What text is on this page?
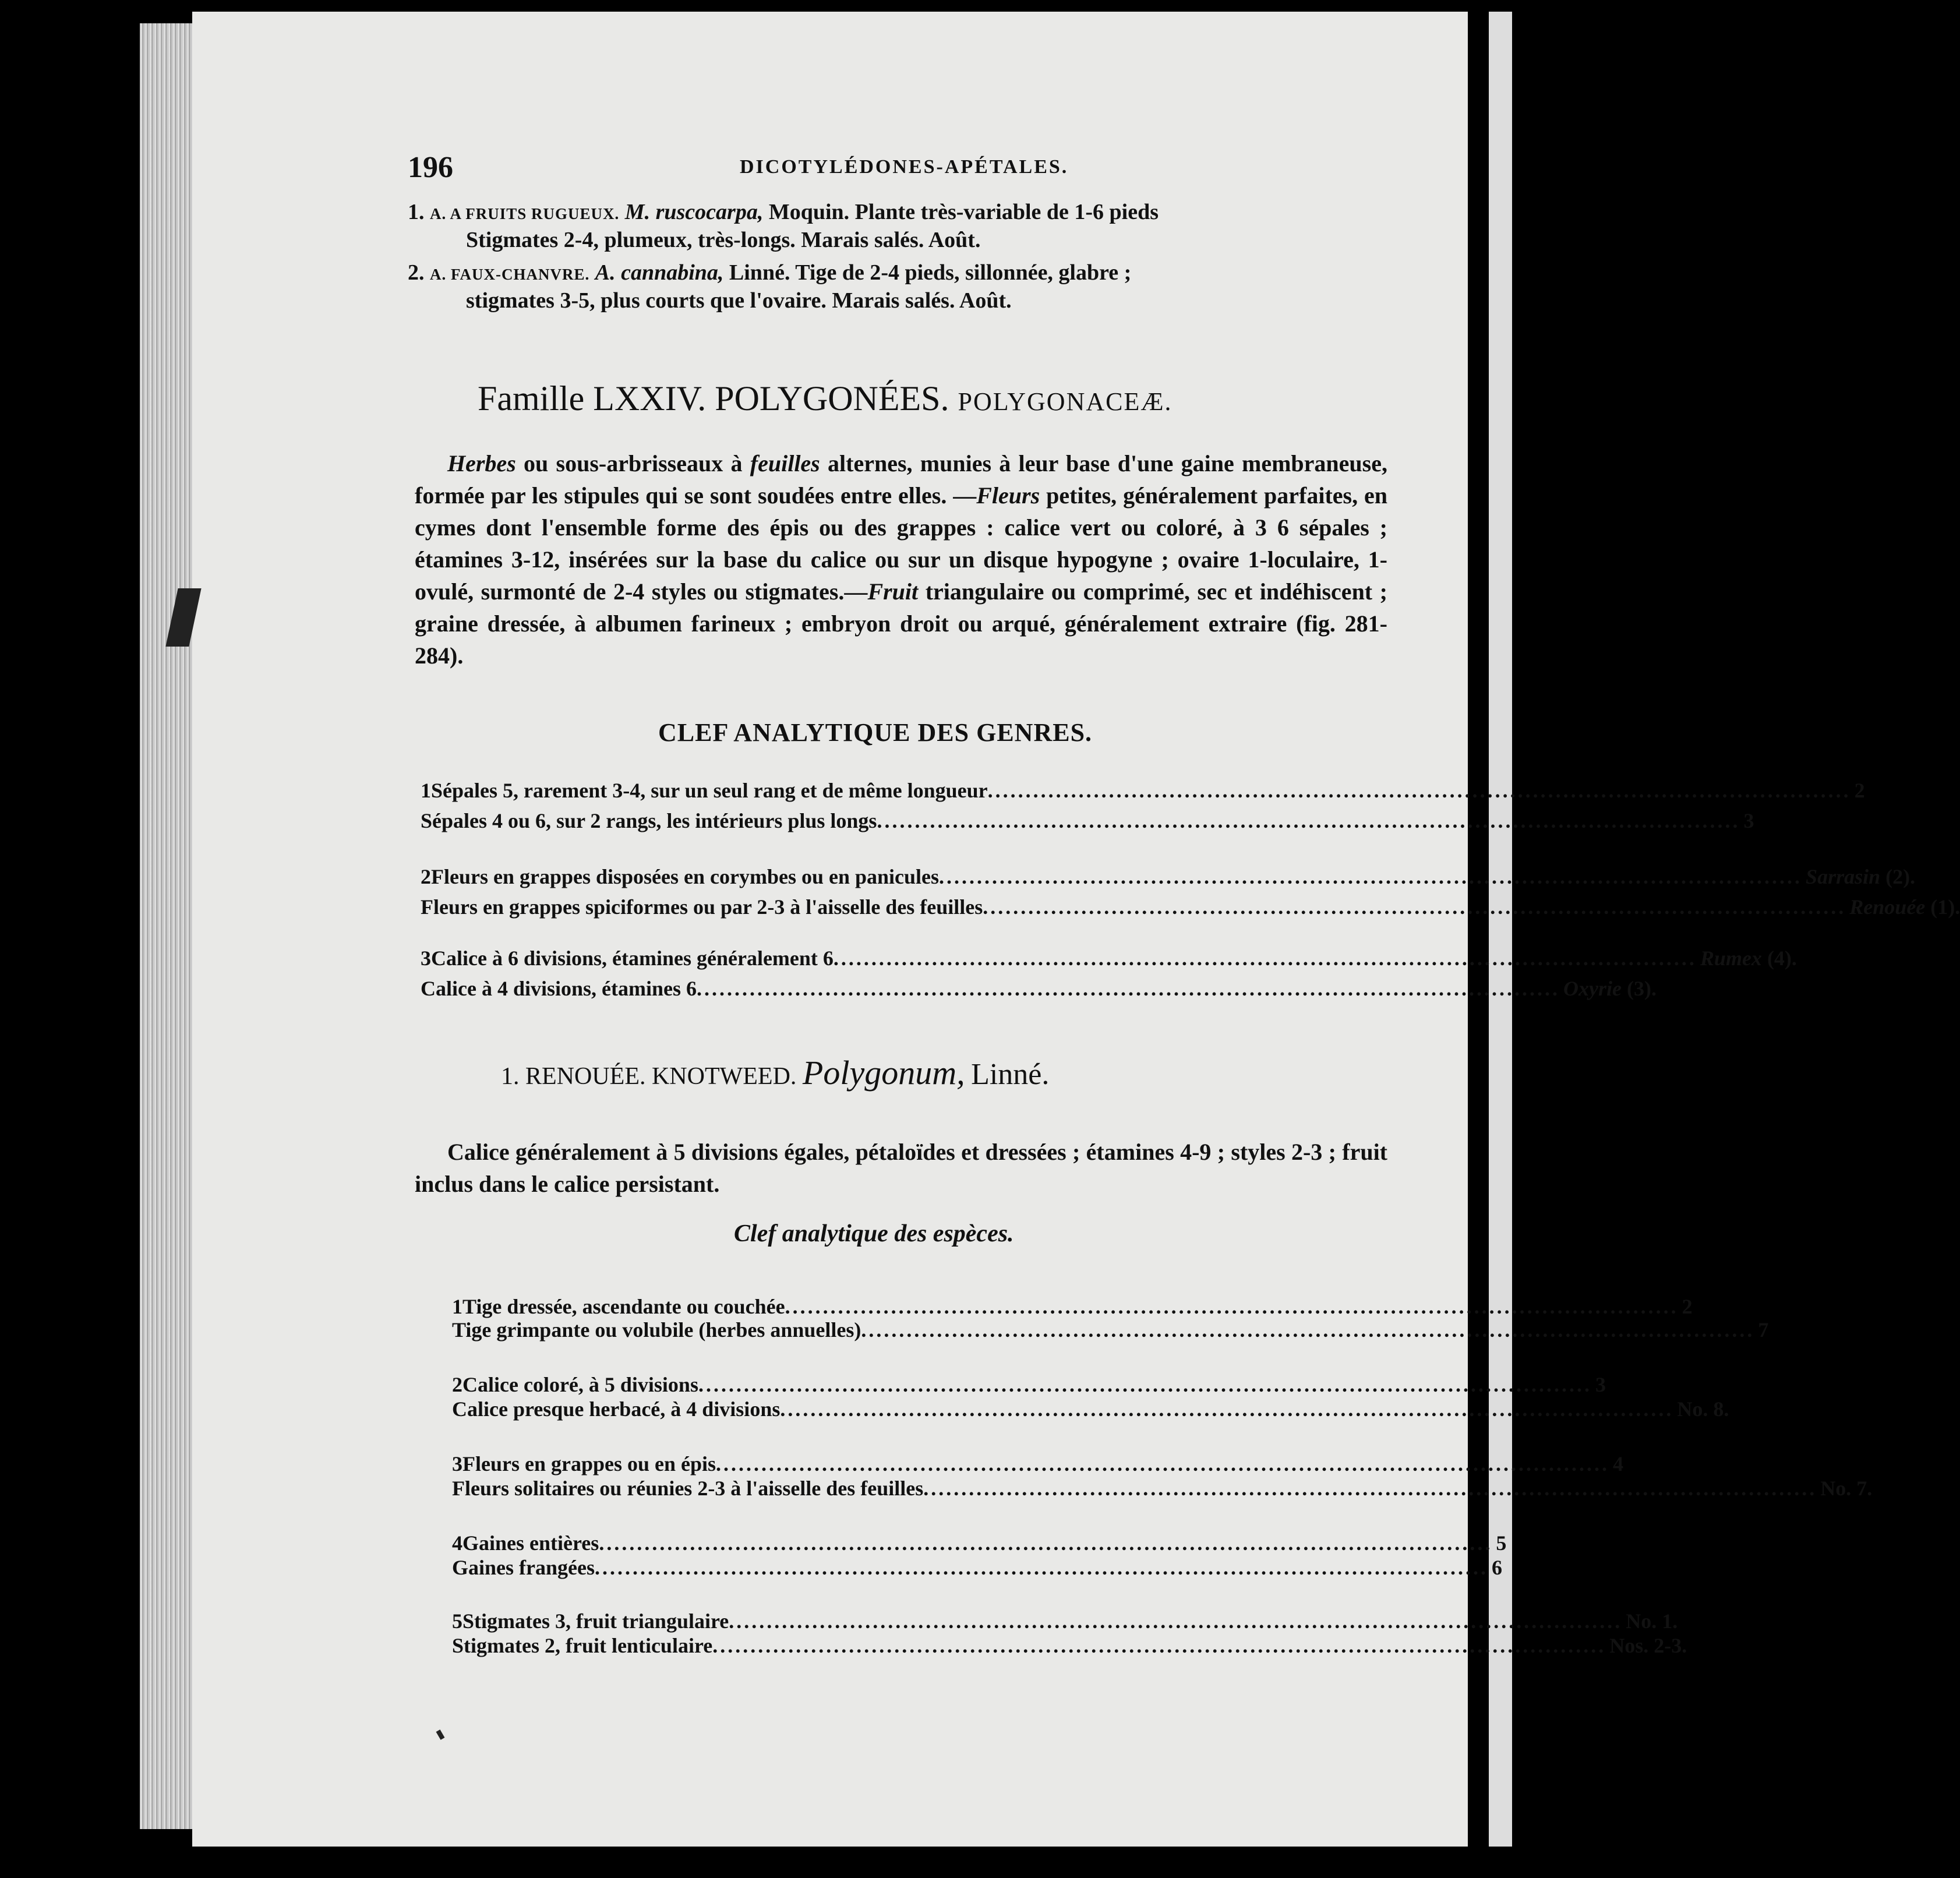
196	DICOTYLÉDONES-APÉTALES.
1. A. A FRUITS RUGUEUX. M. ruscocarpa, Moquin. Plante très-variable de 1-6 pieds
Stigmates 2-4, plumeux, très-longs. Marais salés. Août.
2. A. FAUX-CHANVRE. A. cannabina, Linné. Tige de 2-4 pieds, sillonnée, glabre ;
stigmates 3-5, plus courts que l'ovaire. Marais salés. Août.
Famille LXXIV. POLYGONÉES. POLYGONACEÆ.
Herbes ou sous-arbrisseaux à feuilles alternes, munies à leur base d'une gaine membraneuse, formée par les stipules qui se sont soudées entre elles. —Fleurs petites, généralement parfaites, en cymes dont l'ensemble forme des épis ou des grappes : calice vert ou coloré, à 3 6 sépales ; étamines 3-12, insérées sur la base du calice ou sur un disque hypogyne ; ovaire 1-loculaire, 1-ovulé, surmonté de 2-4 styles ou stigmates.—Fruit triangulaire ou comprimé, sec et indéhiscent ; graine dressée, à albumen farineux ; embryon droit ou arqué, généralement extraire (fig. 281-284).
CLEF ANALYTIQUE DES GENRES.
1 Sépales 5, rarement 3-4, sur un seul rang et de même longueur .................................................................................................................. 2
Sépales 4 ou 6, sur 2 rangs, les intérieurs plus longs .................................................................................................................. 3
2 Fleurs en grappes disposées en corymbes ou en panicules .................................................................................................................. Sarrasin (2).
Fleurs en grappes spiciformes ou par 2-3 à l'aisselle des feuilles .................................................................................................................. Renouée (1).
3 Calice à 6 divisions, étamines généralement 6 .................................................................................................................. Rumex (4).
Calice à 4 divisions, étamines 6 .................................................................................................................. Oxyrie (3).
1. RENOUÉE. KNOTWEED. Polygonum, Linné.
Calice généralement à 5 divisions égales, pétaloïdes et dressées ; étamines 4-9 ; styles 2-3 ; fruit inclus dans le calice persistant.
Clef analytique des espèces.
1 Tige dressée, ascendante ou couchée ...................................................................................................................... 2
Tige grimpante ou volubile (herbes annuelles) ...................................................................................................................... 7
2 Calice coloré, à 5 divisions ...................................................................................................................... 3
Calice presque herbacé, à 4 divisions ...................................................................................................................... No. 8.
3 Fleurs en grappes ou en épis ...................................................................................................................... 4
Fleurs solitaires ou réunies 2-3 à l'aisselle des feuilles ...................................................................................................................... No. 7.
4 Gaines entières ...................................................................................................................... 5
Gaines frangées ...................................................................................................................... 6
5 Stigmates 3, fruit triangulaire ...................................................................................................................... No. 1.
Stigmates 2, fruit lenticulaire ...................................................................................................................... Nos. 2-3.
